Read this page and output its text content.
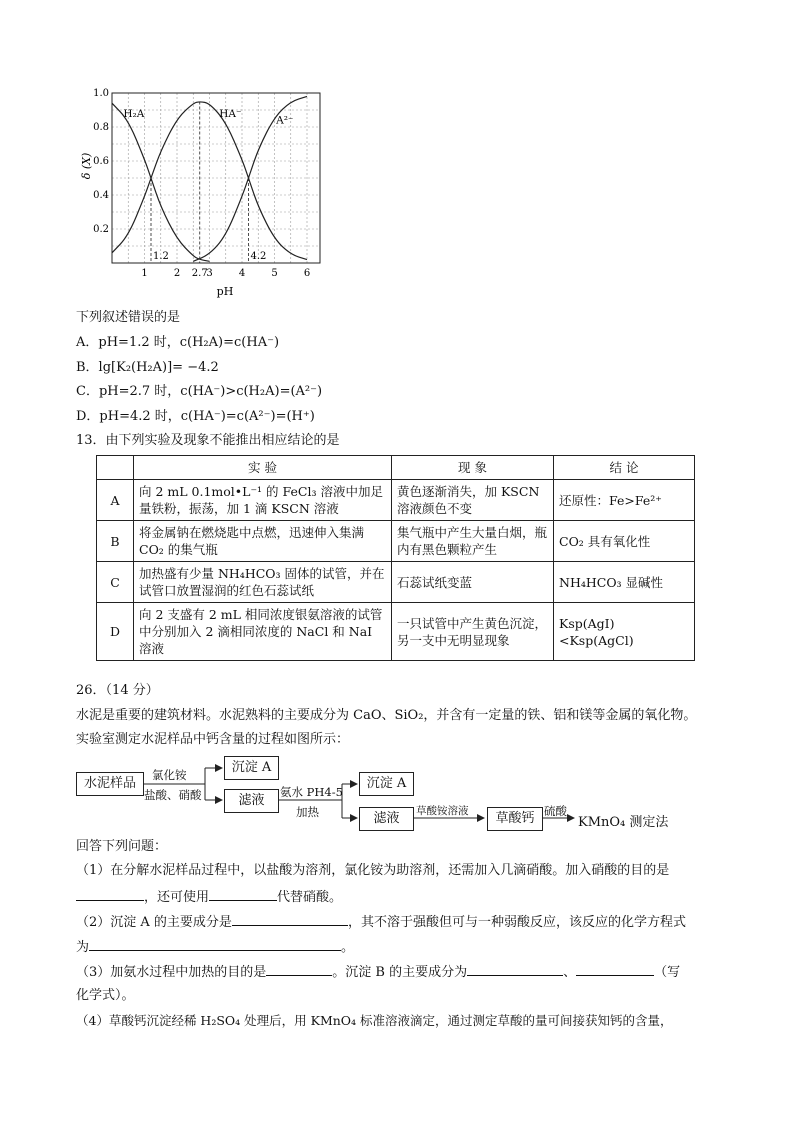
1.2	4.2
H₂A	HA⁻
A²⁻
1	2 2.7
3	4	5	6
0.2
0.4
0.6
0.8
1.0
δ (X)
pH
下列叙述错误的是
A．pH=1.2 时，c(H₂A)=c(HA⁻)
B．lg[K₂(H₂A)]= −4.2
C．pH=2.7 时，c(HA⁻)>c(H₂A)=(A²⁻)
D．pH=4.2 时，c(HA⁻)=c(A²⁻)=(H⁺)
13．由下列实验及现象不能推出相应结论的是
	实 验	现 象	结 论
A	向 2 mL 0.1mol•L⁻¹ 的 FeCl₃ 溶液中加足量铁粉，振荡，加 1 滴 KSCN 溶液	黄色逐渐消失，加 KSCN 溶液颜色不变	还原性：Fe>Fe²⁺
B	将金属钠在燃烧匙中点燃，迅速伸入集满 CO₂ 的集气瓶	集气瓶中产生大量白烟，瓶内有黑色颗粒产生	CO₂ 具有氧化性
C	加热盛有少量 NH₄HCO₃ 固体的试管，并在试管口放置湿润的红色石蕊试纸	石蕊试纸变蓝	NH₄HCO₃ 显碱性
D	向 2 支盛有 2 mL 相同浓度银氨溶液的试管中分别加入 2 滴相同浓度的 NaCl 和 NaI 溶液	一只试管中产生黄色沉淀，另一支中无明显现象	Ksp(AgI)<Ksp(AgCl)
26．（14 分）
水泥是重要的建筑材料。水泥熟料的主要成分为 CaO、SiO₂，并含有一定量的铁、铝和镁等金属的氧化物。
实验室测定水泥样品中钙含量的过程如图所示：
水泥样品
氯化铵
盐酸、硝酸
沉淀 A
滤液
氨水 PH4-5
加热
沉淀 A
滤液	草酸铵溶液	草酸钙 硫酸
KMnO₄ 测定法
回答下列问题：
（1）在分解水泥样品过程中，以盐酸为溶剂，氯化铵为助溶剂，还需加入几滴硝酸。加入硝酸的目的是
，还可使用	代替硝酸。
（2）沉淀 A 的主要成分是	，其不溶于强酸但可与一种弱酸反应，该反应的化学方程式
为	。
（3）加氨水过程中加热的目的是	。沉淀 B 的主要成分为	、	（写
化学式）。
（4）草酸钙沉淀经稀 H₂SO₄ 处理后，用 KMnO₄ 标准溶液滴定，通过测定草酸的量可间接获知钙的含量，
